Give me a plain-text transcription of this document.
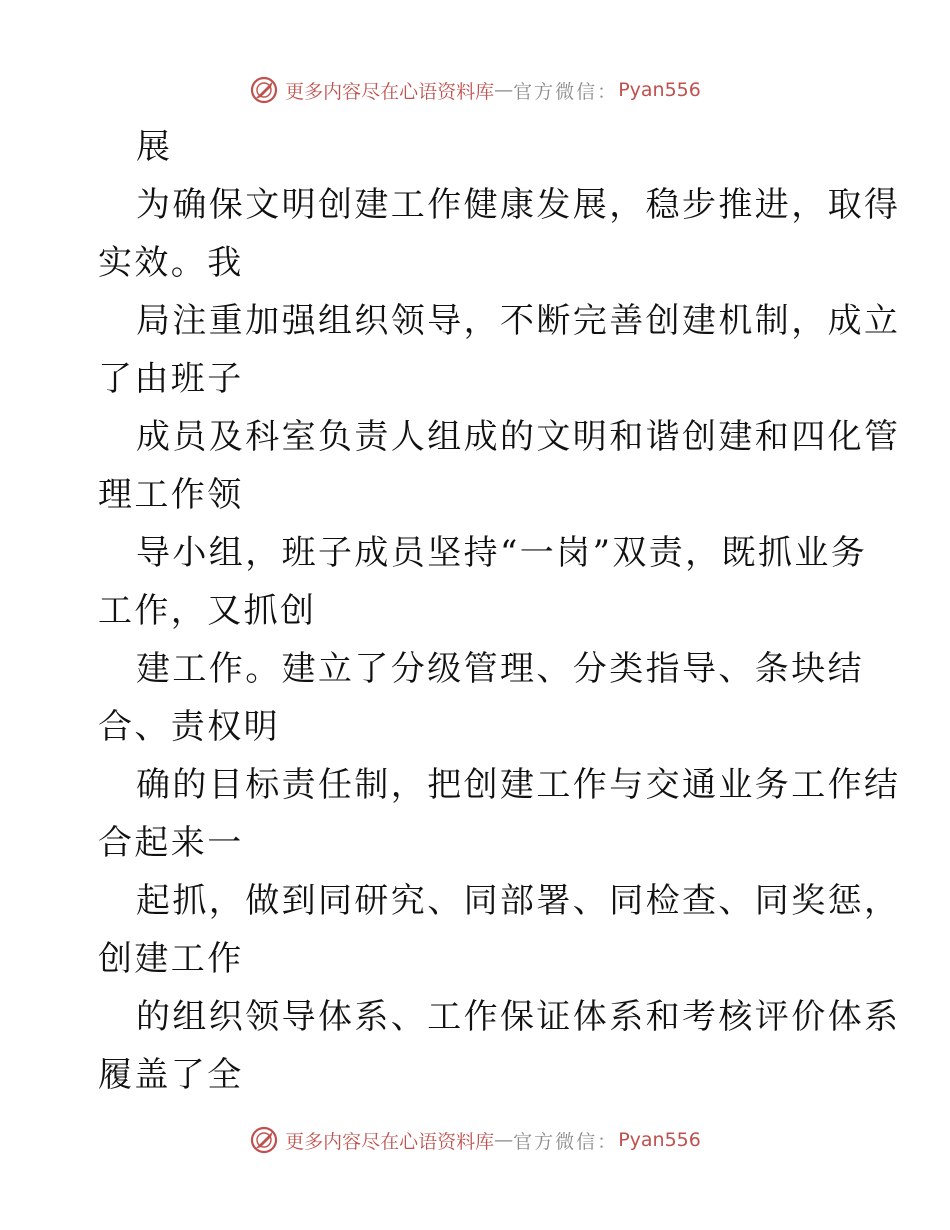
更多内容尽在心语资料库 — 官方微信： Pyan556
展
为确保文明创建工作健康发展，稳步推进，取得
实效。我
局注重加强组织领导，不断完善创建机制，成立
了由班子
成员及科室负责人组成的文明和谐创建和四化管
理工作领
导小组，班子成员坚持“一岗”双责，既抓业务
工作，又抓创
建工作。建立了分级管理、分类指导、条块结
合、责权明
确的目标责任制，把创建工作与交通业务工作结
合起来一
起抓，做到同研究、同部署、同检查、同奖惩，
创建工作
的组织领导体系、工作保证体系和考核评价体系
履盖了全
更多内容尽在心语资料库 — 官方微信： Pyan556
